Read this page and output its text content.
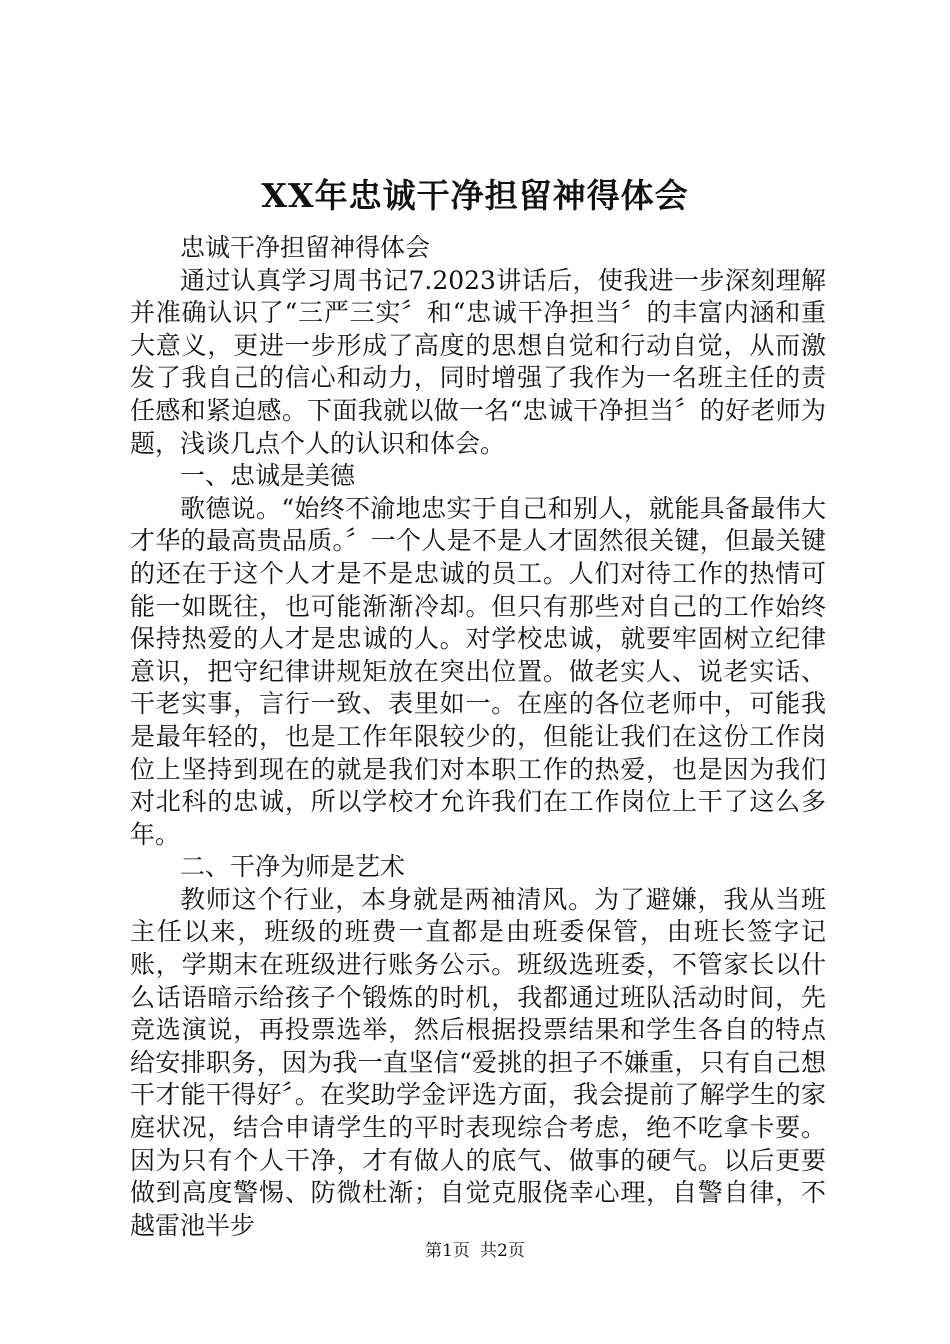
XX年忠诚干净担留神得体会

忠诚干净担留神得体会

通过认真学习周书记7.2023讲话后，使我进一步深刻理解并准确认识了“三严三实〞和“忠诚干净担当〞的丰富内涵和重大意义，更进一步形成了高度的思想自觉和行动自觉，从而激发了我自己的信心和动力，同时增强了我作为一名班主任的责任感和紧迫感。下面我就以做一名“忠诚干净担当〞的好老师为题，浅谈几点个人的认识和体会。

一、忠诚是美德

歌德说。“始终不渝地忠实于自己和别人，就能具备最伟大才华的最高贵品质。〞一个人是不是人才固然很关键，但最关键的还在于这个人才是不是忠诚的员工。人们对待工作的热情可能一如既往，也可能渐渐冷却。但只有那些对自己的工作始终保持热爱的人才是忠诚的人。对学校忠诚，就要牢固树立纪律意识，把守纪律讲规矩放在突出位置。做老实人、说老实话、干老实事，言行一致、表里如一。在座的各位老师中，可能我是最年轻的，也是工作年限较少的，但能让我们在这份工作岗位上坚持到现在的就是我们对本职工作的热爱，也是因为我们对北科的忠诚，所以学校才允许我们在工作岗位上干了这么多年。

二、干净为师是艺术

教师这个行业，本身就是两袖清风。为了避嫌，我从当班主任以来，班级的班费一直都是由班委保管，由班长签字记账，学期末在班级进行账务公示。班级选班委，不管家长以什么话语暗示给孩子个锻炼的时机，我都通过班队活动时间，先竞选演说，再投票选举，然后根据投票结果和学生各自的特点给安排职务，因为我一直坚信“爱挑的担子不嫌重，只有自己想干才能干得好〞。在奖助学金评选方面，我会提前了解学生的家庭状况，结合申请学生的平时表现综合考虑，绝不吃拿卡要。因为只有个人干净，才有做人的底气、做事的硬气。以后更要做到高度警惕、防微杜渐；自觉克服侥幸心理，自警自律，不越雷池半步

第1页 共2页
